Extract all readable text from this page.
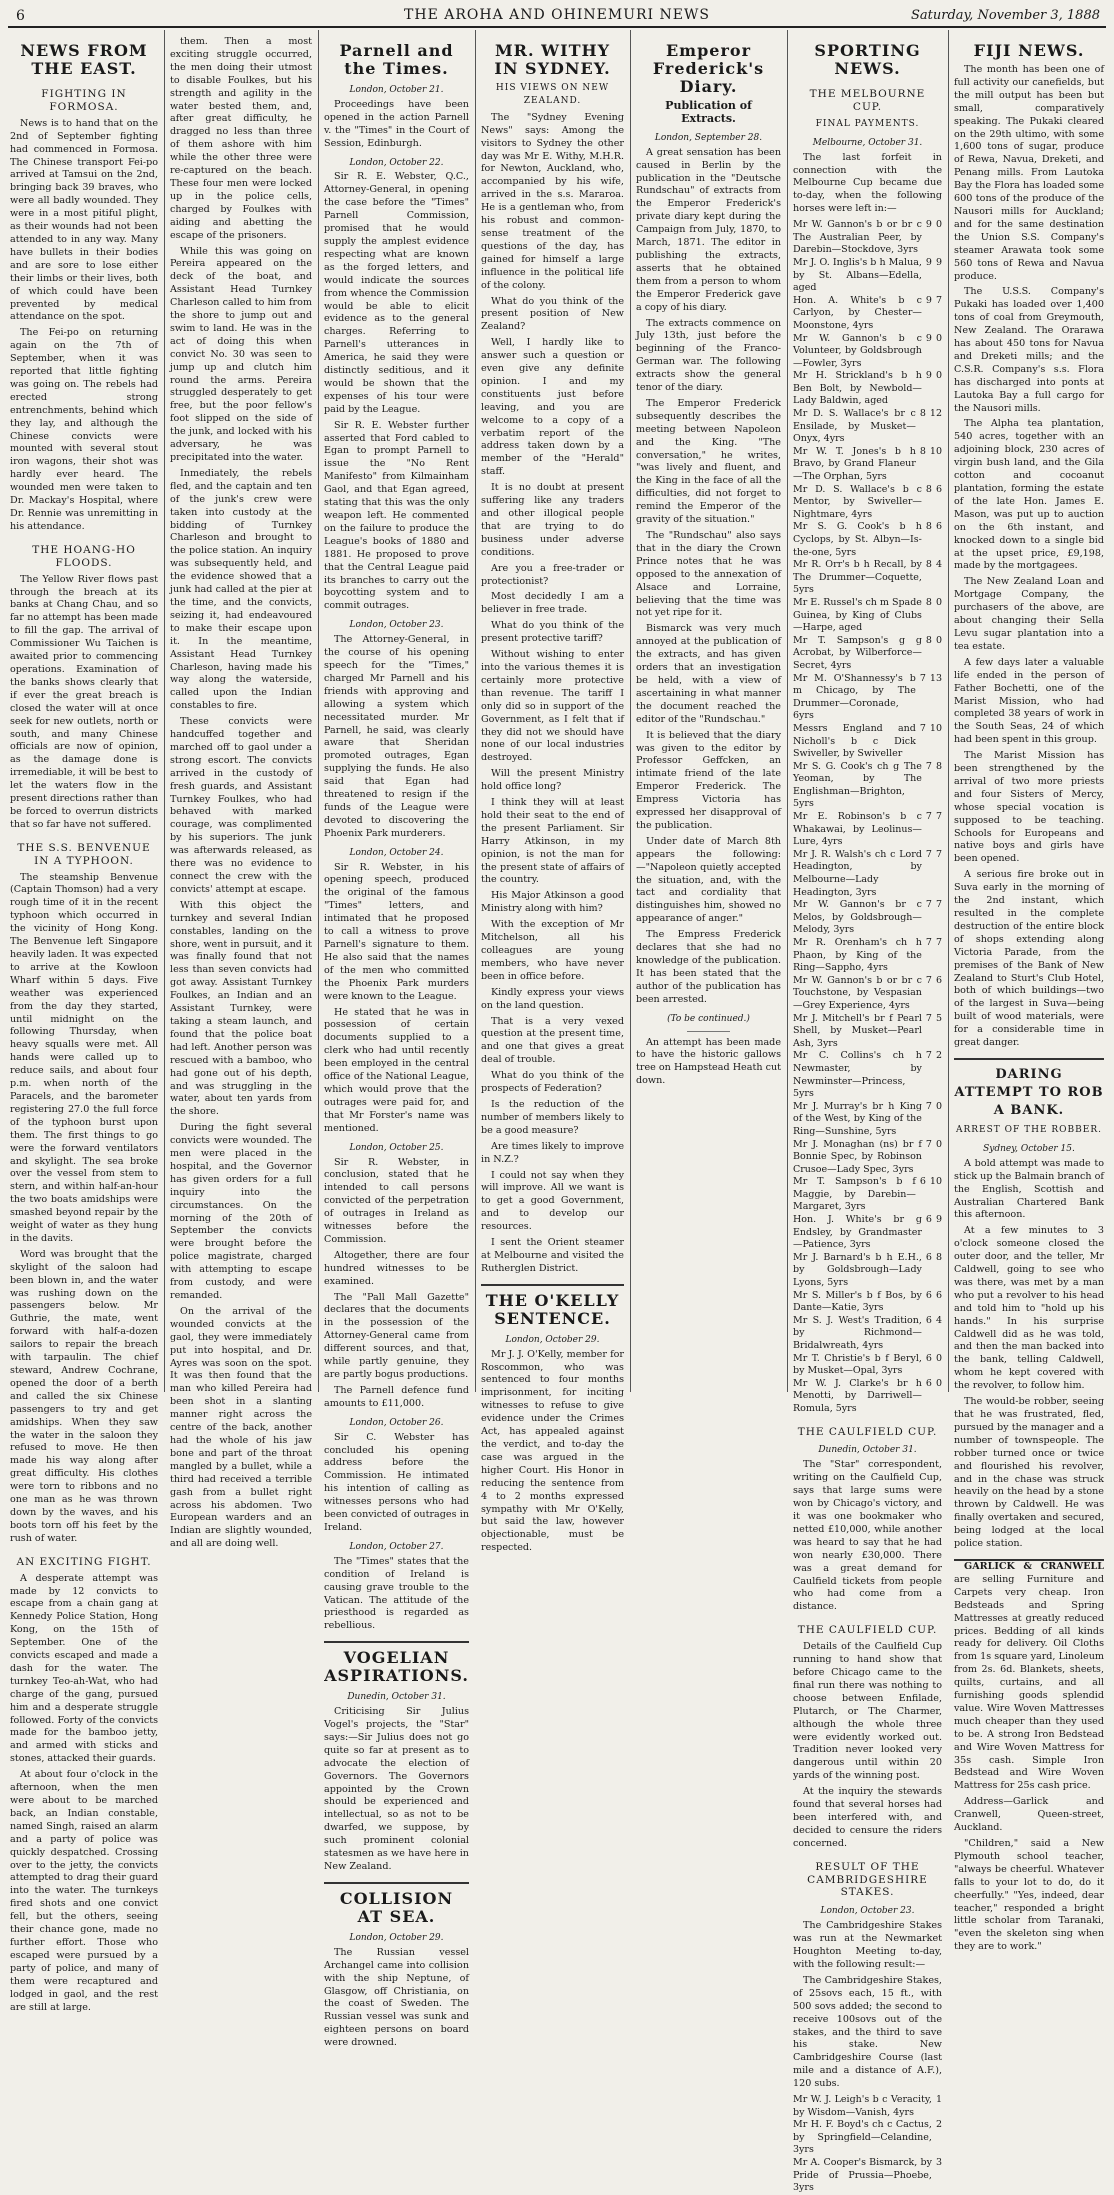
6	THE AROHA AND OHINEMURI NEWS	Saturday, November 3, 1888
NEWS FROM THE EAST.
FIGHTING IN FORMOSA.

News is to hand that on the 2nd of September fighting had commenced in Formosa. The Chinese transport Fei-po arrived at Tamsui on the 2nd, bringing back 39 braves, who were all badly wounded. They were in a most pitiful plight, as their wounds had not been attended to in any way. Many have bullets in their bodies and are sore to lose either their limbs or their lives, both of which could have been prevented by medical attendance on the spot.

The Fei-po on returning again on the 7th of September, when it was reported that little fighting was going on. The rebels had erected strong entrenchments, behind which they lay, and although the Chinese convicts were mounted with several stout iron wagons, their shot was hardly ever heard. The wounded men were taken to Dr. Mackay's Hospital, where Dr. Rennie was unremitting in his attendance.

THE HOANG-HO FLOODS.

The Yellow River flows past through the breach at its banks at Chang Chau, and so far no attempt has been made to fill the gap. The arrival of Commissioner Wu Taichen is awaited prior to commencing operations. Examination of the banks shows clearly that if ever the great breach is closed the water will at once seek for new outlets, north or south, and many Chinese officials are now of opinion, as the damage done is irremediable, it will be best to let the waters flow in the present directions rather than be forced to overrun districts that so far have not suffered.

THE S.S. BENVENUE IN A TYPHOON.

The steamship Benvenue (Captain Thomson) had a very rough time of it in the recent typhoon which occurred in the vicinity of Hong Kong. The Benvenue left Singapore heavily laden. It was expected to arrive at the Kowloon Wharf within 5 days. Five weather was experienced from the day they started, until midnight on the following Thursday, when heavy squalls were met. All hands were called up to reduce sails, and about four p.m. when north of the Paracels, and the barometer registering 27.0 the full force of the typhoon burst upon them. The first things to go were the forward ventilators and skylight. The sea broke over the vessel from stem to stern, and within half-an-hour the two boats amidships were smashed beyond repair by the weight of water as they hung in the davits.

Word was brought that the skylight of the saloon had been blown in, and the water was rushing down on the passengers below. Mr Guthrie, the mate, went forward with half-a-dozen sailors to repair the breach with tarpaulin. The chief steward, Andrew Cochrane, opened the door of a berth and called the six Chinese passengers to try and get amidships. When they saw the water in the saloon they refused to move. He then made his way along after great difficulty. His clothes were torn to ribbons and no one man as he was thrown down by the waves, and his boots torn off his feet by the rush of water.

AN EXCITING FIGHT.

A desperate attempt was made by 12 convicts to escape from a chain gang at Kennedy Police Station, Hong Kong, on the 15th of September. One of the convicts escaped and made a dash for the water. The turnkey Teo-ah-Wat, who had charge of the gang, pursued him and a desperate struggle followed. Forty of the convicts made for the bamboo jetty, and armed with sticks and stones, attacked their guards.

At about four o'clock in the afternoon, when the men were about to be marched back, an Indian constable, named Singh, raised an alarm and a party of police was quickly despatched. Crossing over to the jetty, the convicts attempted to drag their guard into the water. The turnkeys fired shots and one convict fell, but the others, seeing their chance gone, made no further effort. Those who escaped were pursued by a party of police, and many of them were recaptured and lodged in gaol, and the rest are still at large.

them. Then a most exciting struggle occurred, the men doing their utmost to disable Foulkes, but his strength and agility in the water bested them, and, after great difficulty, he dragged no less than three of them ashore with him while the other three were re-captured on the beach. These four men were locked up in the police cells, charged by Foulkes with aiding and abetting the escape of the prisoners.

While this was going on Pereira appeared on the deck of the boat, and Assistant Head Turnkey Charleson called to him from the shore to jump out and swim to land. He was in the act of doing this when convict No. 30 was seen to jump up and clutch him round the arms. Pereira struggled desperately to get free, but the poor fellow's foot slipped on the side of the junk, and locked with his adversary, he was precipitated into the water.

Inmediately, the rebels fled, and the captain and ten of the junk's crew were taken into custody at the bidding of Turnkey Charleson and brought to the police station. An inquiry was subsequently held, and the evidence showed that a junk had called at the pier at the time, and the convicts, seizing it, had endeavoured to make their escape upon it. In the meantime, Assistant Head Turnkey Charleson, having made his way along the waterside, called upon the Indian constables to fire.

These convicts were handcuffed together and marched off to gaol under a strong escort. The convicts arrived in the custody of fresh guards, and Assistant Turnkey Foulkes, who had behaved with marked courage, was complimented by his superiors. The junk was afterwards released, as there was no evidence to connect the crew with the convicts' attempt at escape.

With this object the turnkey and several Indian constables, landing on the shore, went in pursuit, and it was finally found that not less than seven convicts had got away. Assistant Turnkey Foulkes, an Indian and an Assistant Turnkey, were taking a steam launch, and found that the police boat had left. Another person was rescued with a bamboo, who had gone out of his depth, and was struggling in the water, about ten yards from the shore.

During the fight several convicts were wounded. The men were placed in the hospital, and the Governor has given orders for a full inquiry into the circumstances. On the morning of the 20th of September the convicts were brought before the police magistrate, charged with attempting to escape from custody, and were remanded.

On the arrival of the wounded convicts at the gaol, they were immediately put into hospital, and Dr. Ayres was soon on the spot. It was then found that the man who killed Pereira had been shot in a slanting manner right across the centre of the back, another had the whole of his jaw bone and part of the throat mangled by a bullet, while a third had received a terrible gash from a bullet right across his abdomen. Two European warders and an Indian are slightly wounded, and all are doing well.

Parnell and the Times.
London, October 21.

Proceedings have been opened in the action Parnell v. the "Times" in the Court of Session, Edinburgh.

London, October 22.

Sir R. E. Webster, Q.C., Attorney-General, in opening the case before the "Times" Parnell Commission, promised that he would supply the amplest evidence respecting what are known as the forged letters, and would indicate the sources from whence the Commission would be able to elicit evidence as to the general charges. Referring to Parnell's utterances in America, he said they were distinctly seditious, and it would be shown that the expenses of his tour were paid by the League.

Sir R. E. Webster further asserted that Ford cabled to Egan to prompt Parnell to issue the "No Rent Manifesto" from Kilmainham Gaol, and that Egan agreed, stating that this was the only weapon left. He commented on the failure to produce the League's books of 1880 and 1881. He proposed to prove that the Central League paid its branches to carry out the boycotting system and to commit outrages.

London, October 23.

The Attorney-General, in the course of his opening speech for the "Times," charged Mr Parnell and his friends with approving and allowing a system which necessitated murder. Mr Parnell, he said, was clearly aware that Sheridan promoted outrages, Egan supplying the funds. He also said that Egan had threatened to resign if the funds of the League were devoted to discovering the Phoenix Park murderers.

London, October 24.

Sir R. Webster, in his opening speech, produced the original of the famous "Times" letters, and intimated that he proposed to call a witness to prove Parnell's signature to them. He also said that the names of the men who committed the Phoenix Park murders were known to the League.

He stated that he was in possession of certain documents supplied to a clerk who had until recently been employed in the central office of the National League, which would prove that the outrages were paid for, and that Mr Forster's name was mentioned.

London, October 25.

Sir R. Webster, in conclusion, stated that he intended to call persons convicted of the perpetration of outrages in Ireland as witnesses before the Commission.

Altogether, there are four hundred witnesses to be examined.

The "Pall Mall Gazette" declares that the documents in the possession of the Attorney-General came from different sources, and that, while partly genuine, they are partly bogus productions.

The Parnell defence fund amounts to £11,000.

London, October 26.

Sir C. Webster has concluded his opening address before the Commission. He intimated his intention of calling as witnesses persons who had been convicted of outrages in Ireland.

London, October 27.

The "Times" states that the condition of Ireland is causing grave trouble to the Vatican. The attitude of the priesthood is regarded as rebellious.

VOGELIAN ASPIRATIONS.
Dunedin, October 31.

Criticising Sir Julius Vogel's projects, the "Star" says:—Sir Julius does not go quite so far at present as to advocate the election of Governors. The Governors appointed by the Crown should be experienced and intellectual, so as not to be dwarfed, we suppose, by such prominent colonial statesmen as we have here in New Zealand.

COLLISION AT SEA.
London, October 29.

The Russian vessel Archangel came into collision with the ship Neptune, of Glasgow, off Christiania, on the coast of Sweden. The Russian vessel was sunk and eighteen persons on board were drowned.

MR. WITHY IN SYDNEY.
HIS VIEWS ON NEW ZEALAND.

The "Sydney Evening News" says: Among the visitors to Sydney the other day was Mr E. Withy, M.H.R. for Newton, Auckland, who, accompanied by his wife, arrived in the s.s. Mararoa. He is a gentleman who, from his robust and common-sense treatment of the questions of the day, has gained for himself a large influence in the political life of the colony.

What do you think of the present position of New Zealand?

Well, I hardly like to answer such a question or even give any definite opinion. I and my constituents just before leaving, and you are welcome to a copy of a verbatim report of the address taken down by a member of the "Herald" staff.

It is no doubt at present suffering like any traders and other illogical people that are trying to do business under adverse conditions.

Are you a free-trader or protectionist?

Most decidedly I am a believer in free trade.

What do you think of the present protective tariff?

Without wishing to enter into the various themes it is certainly more protective than revenue. The tariff I only did so in support of the Government, as I felt that if they did not we should have none of our local industries destroyed.

Will the present Ministry hold office long?

I think they will at least hold their seat to the end of the present Parliament. Sir Harry Atkinson, in my opinion, is not the man for the present state of affairs of the country.

His Major Atkinson a good Ministry along with him?

With the exception of Mr Mitchelson, all his colleagues are young members, who have never been in office before.

Kindly express your views on the land question.

That is a very vexed question at the present time, and one that gives a great deal of trouble.

What do you think of the prospects of Federation?

Is the reduction of the number of members likely to be a good measure?

Are times likely to improve in N.Z.?

I could not say when they will improve. All we want is to get a good Government, and to develop our resources.

I sent the Orient steamer at Melbourne and visited the Rutherglen District.

THE O'KELLY SENTENCE.
London, October 29.

Mr J. J. O'Kelly, member for Roscommon, who was sentenced to four months imprisonment, for inciting witnesses to refuse to give evidence under the Crimes Act, has appealed against the verdict, and to-day the case was argued in the higher Court. His Honor in reducing the sentence from 4 to 2 months expressed sympathy with Mr O'Kelly, but said the law, however objectionable, must be respected.

Emperor Frederick's Diary.
Publication of Extracts.
London, September 28.

A great sensation has been caused in Berlin by the publication in the "Deutsche Rundschau" of extracts from the Emperor Frederick's private diary kept during the Campaign from July, 1870, to March, 1871. The editor in publishing the extracts, asserts that he obtained them from a person to whom the Emperor Frederick gave a copy of his diary.

The extracts commence on July 13th, just before the beginning of the Franco-German war. The following extracts show the general tenor of the diary.

The Emperor Frederick subsequently describes the meeting between Napoleon and the King. "The conversation," he writes, "was lively and fluent, and the King in the face of all the difficulties, did not forget to remind the Emperor of the gravity of the situation."

The "Rundschau" also says that in the diary the Crown Prince notes that he was opposed to the annexation of Alsace and Lorraine, believing that the time was not yet ripe for it.

Bismarck was very much annoyed at the publication of the extracts, and has given orders that an investigation be held, with a view of ascertaining in what manner the document reached the editor of the "Rundschau."

It is believed that the diary was given to the editor by Professor Geffcken, an intimate friend of the late Emperor Frederick. The Empress Victoria has expressed her disapproval of the publication.

Under date of March 8th appears the following:—"Napoleon quietly accepted the situation, and, with the tact and cordiality that distinguishes him, showed no appearance of anger."

The Empress Frederick declares that she had no knowledge of the publication. It has been stated that the author of the publication has been arrested.

(To be continued.)

An attempt has been made to have the historic gallows tree on Hampstead Heath cut down.

SPORTING NEWS.
THE MELBOURNE CUP.
FINAL PAYMENTS.
Melbourne, October 31.

The last forfeit in connection with the Melbourne Cup became due to-day, when the following horses were left in:—

Mr W. Gannon's b or br c The Australian Peer, by Darebin—Stockdove, 3yrs
9 0
Mr J. O. Inglis's b h Malua, by St. Albans—Edella, aged
9 9
Hon. A. White's b c Carlyon, by Chester—Moonstone, 4yrs
9 7
Mr W. Gannon's b c Volunteer, by Goldsbrough—Fowler, 3yrs
9 0
Mr H. Strickland's b h Ben Bolt, by Newbold—Lady Baldwin, aged
9 0
Mr D. S. Wallace's br c Ensilade, by Musket—Onyx, 4yrs
8 12
Mr W. T. Jones's b h Bravo, by Grand Flaneur—The Orphan, 5yrs
8 10
Mr D. S. Wallace's b c Mentor, by Swiveller—Nightmare, 4yrs
8 6
Mr S. G. Cook's b h Cyclops, by St. Albyn—Is-the-one, 5yrs
8 6
Mr R. Orr's b h Recall, by The Drummer—Coquette, 5yrs
8 4
Mr E. Russel's ch m Spade Guinea, by King of Clubs—Harpe, aged
8 0
Mr T. Sampson's g g Acrobat, by Wilberforce—Secret, 4yrs
8 0
Mr M. O'Shannessy's b m Chicago, by The Drummer—Coronade, 6yrs
7 13
Messrs England and Nicholl's b c Dick Swiveller, by Swiveller
7 10
Mr S. G. Cook's ch g The Yeoman, by The Englishman—Brighton, 5yrs
7 8
Mr E. Robinson's b c Whakawai, by Leolinus—Lure, 4yrs
7 7
Mr J. R. Walsh's ch c Lord Headington, by Melbourne—Lady Headington, 3yrs
7 7
Mr W. Gannon's br c Melos, by Goldsbrough—Melody, 3yrs
7 7
Mr R. Orenham's ch h Phaon, by King of the Ring—Sappho, 4yrs
7 7
Mr W. Gannon's b or br c Touchstone, by Vespasian—Grey Experience, 4yrs
7 6
Mr J. Mitchell's br f Pearl Shell, by Musket—Pearl Ash, 3yrs
7 5
Mr C. Collins's ch h Newmaster, by Newminster—Princess, 5yrs
7 2
Mr J. Murray's br h King of the West, by King of the Ring—Sunshine, 5yrs
7 0
Mr J. Monaghan (ns) br f Bonnie Spec, by Robinson Crusoe—Lady Spec, 3yrs
7 0
Mr T. Sampson's b f Maggie, by Darebin—Margaret, 3yrs
6 10
Hon. J. White's br g Endsley, by Grandmaster—Patience, 3yrs
6 9
Mr J. Barnard's b h E.H., by Goldsbrough—Lady Lyons, 5yrs
6 8
Mr S. Miller's b f Bos, by Dante—Katie, 3yrs
6 6
Mr S. J. West's Tradition, by Richmond—Bridalwreath, 4yrs
6 4
Mr T. Christie's b f Beryl, by Musket—Opal, 3yrs
6 0
Mr W. J. Clarke's br h Menotti, by Darriwell—Romula, 5yrs
6 0
THE CAULFIELD CUP.
Dunedin, October 31.

The "Star" correspondent, writing on the Caulfield Cup, says that large sums were won by Chicago's victory, and it was one bookmaker who netted £10,000, while another was heard to say that he had won nearly £30,000. There was a great demand for Caulfield tickets from people who had come from a distance.

THE CAULFIELD CUP.

Details of the Caulfield Cup running to hand show that before Chicago came to the final run there was nothing to choose between Enfilade, Plutarch, or The Charmer, although the whole three were evidently worked out. Tradition never looked very dangerous until within 20 yards of the winning post.

At the inquiry the stewards found that several horses had been interfered with, and decided to censure the riders concerned.

RESULT OF THE CAMBRIDGESHIRE STAKES.
London, October 23.

The Cambridgeshire Stakes was run at the Newmarket Houghton Meeting to-day, with the following result:—

The Cambridgeshire Stakes, of 25sovs each, 15 ft., with 500 sovs added; the second to receive 100sovs out of the stakes, and the third to save his stake. New Cambridgeshire Course (last mile and a distance of A.F.), 120 subs.

Mr W. J. Leigh's b c Veracity, by Wisdom—Vanish, 4yrs
1
Mr H. F. Boyd's ch c Cactus, by Springfield—Celandine, 3yrs
2
Mr A. Cooper's Bismarck, by Pride of Prussia—Phoebe, 3yrs
3
FIJI NEWS.

The month has been one of full activity our canefields, but the mill output has been but small, comparatively speaking. The Pukaki cleared on the 29th ultimo, with some 1,600 tons of sugar, produce of Rewa, Navua, Dreketi, and Penang mills. From Lautoka Bay the Flora has loaded some 600 tons of the produce of the Nausori mills for Auckland; and for the same destination the Union S.S. Company's steamer Arawata took some 560 tons of Rewa and Navua produce.

The U.S.S. Company's Pukaki has loaded over 1,400 tons of coal from Greymouth, New Zealand. The Orarawa has about 450 tons for Navua and Dreketi mills; and the C.S.R. Company's s.s. Flora has discharged into ponts at Lautoka Bay a full cargo for the Nausori mills.

The Alpha tea plantation, 540 acres, together with an adjoining block, 230 acres of virgin bush land, and the Gila cotton and cocoanut plantation, forming the estate of the late Hon. James E. Mason, was put up to auction on the 6th instant, and knocked down to a single bid at the upset price, £9,198, made by the mortgagees.

The New Zealand Loan and Mortgage Company, the purchasers of the above, are about changing their Sella Levu sugar plantation into a tea estate.

A few days later a valuable life ended in the person of Father Bochetti, one of the Marist Mission, who had completed 38 years of work in the South Seas, 24 of which had been spent in this group.

The Marist Mission has been strengthened by the arrival of two more priests and four Sisters of Mercy, whose special vocation is supposed to be teaching. Schools for Europeans and native boys and girls have been opened.

A serious fire broke out in Suva early in the morning of the 2nd instant, which resulted in the complete destruction of the entire block of shops extending along Victoria Parade, from the premises of the Bank of New Zealand to Sturt's Club Hotel, both of which buildings—two of the largest in Suva—being built of wood materials, were for a considerable time in great danger.

DARING ATTEMPT TO ROB A BANK.
ARREST OF THE ROBBER.
Sydney, October 15.

A bold attempt was made to stick up the Balmain branch of the English, Scottish and Australian Chartered Bank this afternoon.

At a few minutes to 3 o'clock someone closed the outer door, and the teller, Mr Caldwell, going to see who was there, was met by a man who put a revolver to his head and told him to "hold up his hands." In his surprise Caldwell did as he was told, and then the man backed into the bank, telling Caldwell, whom he kept covered with the revolver, to follow him.

The would-be robber, seeing that he was frustrated, fled, pursued by the manager and a number of townspeople. The robber turned once or twice and flourished his revolver, and in the chase was struck heavily on the head by a stone thrown by Caldwell. He was finally overtaken and secured, being lodged at the local police station.

GARLICK & CRANWELL are selling Furniture and Carpets very cheap. Iron Bedsteads and Spring Mattresses at greatly reduced prices. Bedding of all kinds ready for delivery. Oil Cloths from 1s square yard, Linoleum from 2s. 6d. Blankets, sheets, quilts, curtains, and all furnishing goods splendid value. Wire Woven Mattresses much cheaper than they used to be. A strong Iron Bedstead and Wire Woven Mattress for 35s cash. Simple Iron Bedstead and Wire Woven Mattress for 25s cash price.

Address—Garlick and Cranwell, Queen-street, Auckland.

"Children," said a New Plymouth school teacher, "always be cheerful. Whatever falls to your lot to do, do it cheerfully." "Yes, indeed, dear teacher," responded a bright little scholar from Taranaki, "even the skeleton sing when they are to work."
